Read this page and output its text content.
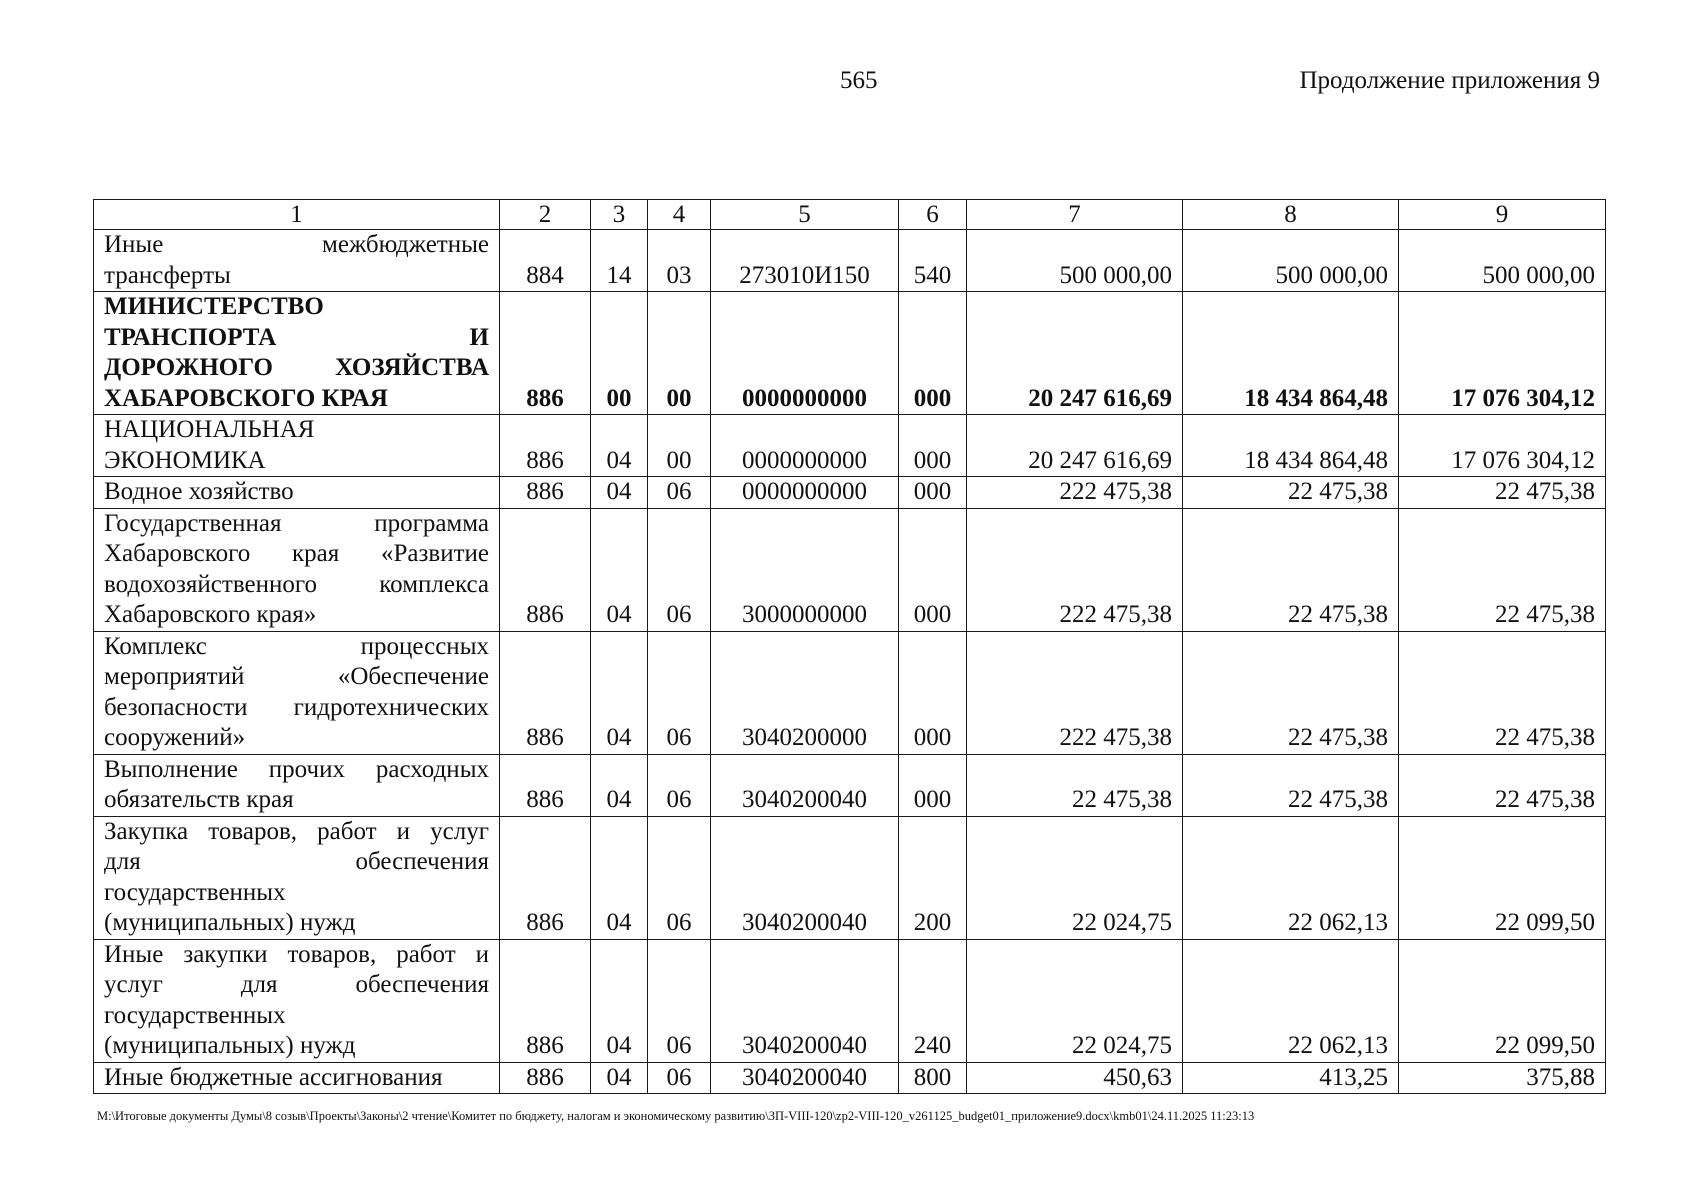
565	Продолжение приложения 9
1	2	3	4	5	6	7	8	9

Иные межбюджетные
трансферты	884	14	03	273010И150	540	500 000,00	500 000,00	500 000,00

МИНИСТЕРСТВО
ТРАНСПОРТА И
ДОРОЖНОГО ХОЗЯЙСТВА
ХАБАРОВСКОГО КРАЯ	886	00	00	0000000000	000	20 247 616,69	18 434 864,48	17 076 304,12

НАЦИОНАЛЬНАЯ
ЭКОНОМИКА	886	04	00	0000000000	000	20 247 616,69	18 434 864,48	17 076 304,12

Водное хозяйство	886	04	06	0000000000	000	222 475,38	22 475,38	22 475,38

Государственная программа
Хабаровского края «Развитие
водохозяйственного комплекса
Хабаровского края»	886	04	06	3000000000	000	222 475,38	22 475,38	22 475,38

Комплекс процессных
мероприятий «Обеспечение
безопасности гидротехнических
сооружений»	886	04	06	3040200000	000	222 475,38	22 475,38	22 475,38

Выполнение прочих расходных
обязательств края	886	04	06	3040200040	000	22 475,38	22 475,38	22 475,38

Закупка товаров, работ и услуг
для обеспечения
государственных
(муниципальных) нужд	886	04	06	3040200040	200	22 024,75	22 062,13	22 099,50

Иные закупки товаров, работ и
услуг для обеспечения
государственных
(муниципальных) нужд	886	04	06	3040200040	240	22 024,75	22 062,13	22 099,50

Иные бюджетные ассигнования	886	04	06	3040200040	800	450,63	413,25	375,88
M:\Итоговые документы Думы\8 созыв\Проекты\Законы\2 чтение\Комитет по бюджету, налогам и экономическому развитию\ЗП-VIII-120\zp2-VIII-120_v261125_budget01_приложение9.docx\kmb01\24.11.2025 11:23:13
